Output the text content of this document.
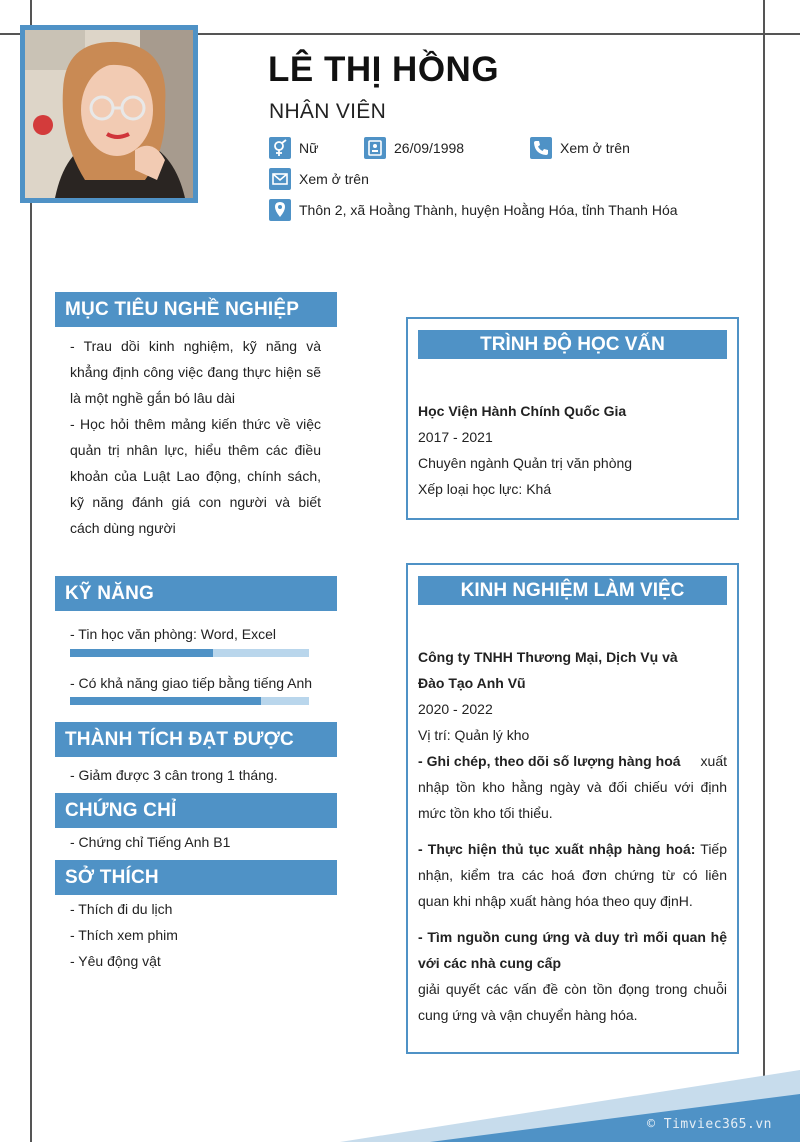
LÊ THỊ HỒNG
NHÂN VIÊN
Nữ	26/09/1998	Xem ở trên
Xem ở trên
Thôn 2, xã Hoằng Thành, huyện Hoằng Hóa, tỉnh Thanh Hóa
MỤC TIÊU NGHỀ NGHIỆP

- Trau dồi kinh nghiệm, kỹ năng và khẳng định công việc đang thực hiện sẽ là một nghề gắn bó lâu dài

- Học hỏi thêm mảng kiến thức về việc quản trị nhân lực, hiểu thêm các điều khoản của Luật Lao động, chính sách, kỹ năng đánh giá con người và biết cách dùng người

KỸ NĂNG
- Tin học văn phòng: Word, Excel
- Có khả năng giao tiếp bằng tiếng Anh
THÀNH TÍCH ĐẠT ĐƯỢC
- Giảm được 3 cân trong 1 tháng.
CHỨNG CHỈ
- Chứng chỉ Tiếng Anh B1
SỞ THÍCH
- Thích đi du lịch
- Thích xem phim
- Yêu động vật
TRÌNH ĐỘ HỌC VẤN

Học Viện Hành Chính Quốc Gia

2017 - 2021

Chuyên ngành Quản trị văn phòng

Xếp loại học lực: Khá

KINH NGHIỆM LÀM VIỆC

Công ty TNHH Thương Mại, Dịch Vụ và Đào Tạo Anh Vũ

2020 - 2022

Vị trí: Quản lý kho

- Ghi chép, theo dõi số lượng hàng hoá xuất nhập tồn kho hằng ngày và đối chiếu với định mức tồn kho tối thiểu.

- Thực hiện thủ tục xuất nhập hàng hoá: Tiếp nhận, kiểm tra các hoá đơn chứng từ có liên quan khi nhập xuất hàng hóa theo quy địnH.

- Tìm nguồn cung ứng và duy trì mối quan hệ với các nhà cung cấp

giải quyết các vấn đề còn tồn đọng trong chuỗi cung ứng và vận chuyển hàng hóa.

© Timviec365.vn
